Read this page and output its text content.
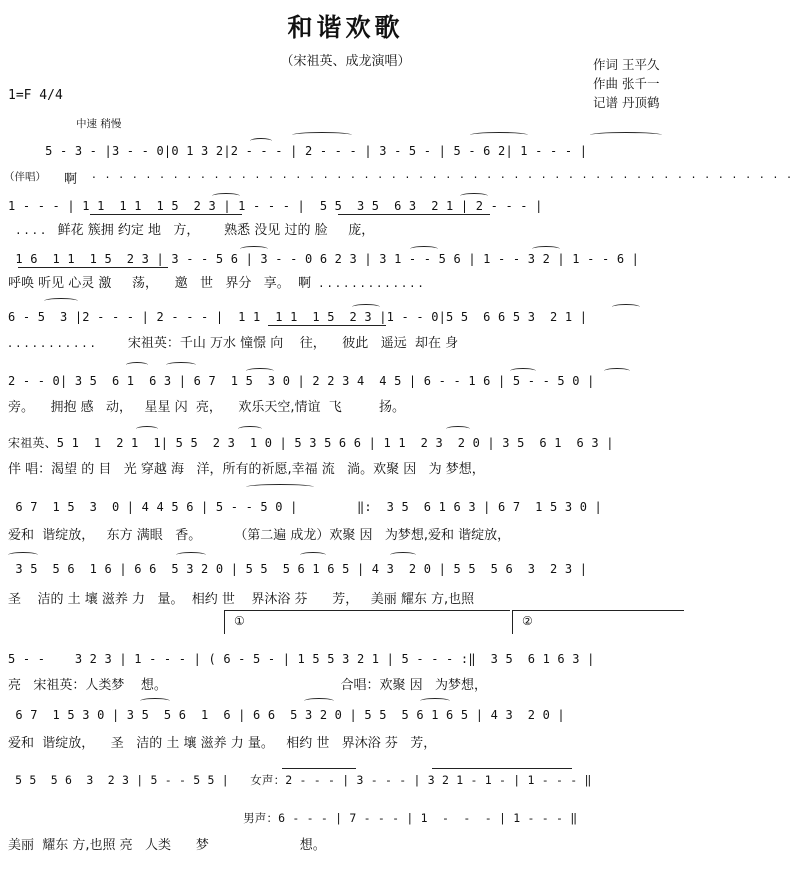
和谐欢歌
（宋祖英、成龙演唱）	作词 王平久
作曲 张千一
记谱 丹顶鹤
1=F 4/4
中速 稍慢
5 - 3 - |3 - - 0|0 1 3 2|2 - - - | 2 - - - | 3 - 5 - | 5 - 6 2| 1 - - - |
（伴唱） 啊 . . . . . . . . . . . . . . . . . . . . . . . . . . . . . . . . . . . . . . . . . . . . . . . . . . . .
1 - - - | 1 1  1 1  1 5  2 3 | 1 - - - |  5 5  3 5  6 3  2 1 | 2 - - - |
. . . .   鲜花 簇拥 约定 地   方，      熟悉 没见 过的 脸     庞，
1 6  1 1  1 5  2 3 | 3 - - 5 6 | 3 - - 0 6 2 3 | 3 1 - - 5 6 | 1 - - 3 2 | 1 - - 6 |
呼唤 听见 心灵 激     荡，    邀   世   界分   享。  啊  . . . . . . . . . . . . .
6 - 5  3 |2 - - - | 2 - - - |  1 1  1 1  1 5  2 3 |1 - - 0|5 5  6 6 5 3  2 1 |
. . . . . . . . . . .        宋祖英：千山 万水 憧憬 向    往，    彼此   遥远  却在 身
2 - - 0| 3 5  6 1  6 3 | 6 7  1 5  3 0 | 2 2 3 4  4 5 | 6 - - 1 6 | 5 - - 5 0 |
旁。    拥抱 感   动，   星星 闪  亮，    欢乐天空,情谊  飞         扬。
宋祖英、5 1  1  2 1  1| 5 5  2 3  1 0 | 5 3 5 6 6 | 1 1  2 3  2 0 | 3 5  6 1  6 3 |
伴 唱：渴望 的 目   光 穿越 海   洋，所有的祈愿,幸福 流   淌。欢聚 因   为 梦想，
6 7  1 5  3  0 | 4 4 5 6 | 5 - - 5 0 |        ‖:  3 5  6 1 6 3 | 6 7  1 5 3 0 |
爱和  谐绽放，   东方 满眼   香。        （第二遍 成龙）欢聚 因   为梦想,爱和 谐绽放，
3 5  5 6  1 6 | 6 6  5 3 2 0 | 5 5  5 6 1 6 5 | 4 3  2 0 | 5 5  5 6  3  2 3 |
圣    洁的 土 壤 滋养 力   量。  相约 世    界沐浴 芬      芳，   美丽 耀东 方,也照
①	②
5 - -    3 2 3 | 1 - - - | ( 6 - 5 - | 1 5 5 3 2 1 | 5 - - - :‖  3 5  6 1 6 3 |
亮   宋祖英：人类梦    想。                                          合唱：欢聚 因   为梦想，
6 7  1 5 3 0 | 3 5  5 6  1  6 | 6 6  5 3 2 0 | 5 5  5 6 1 6 5 | 4 3  2 0 |
爱和  谐绽放，    圣   洁的 土 壤 滋养 力 量。   相约 世   界沐浴 芬   芳，
5 5  5 6  3  2 3 | 5 - - 5 5 |   女声：2 - - - | 3 - - - | 3 2 1 - 1 - | 1 - - - ‖
男声：6 - - - | 7 - - - | 1  -  -  - | 1 - - - ‖
美丽  耀东 方,也照 亮   人类      梦                      想。
